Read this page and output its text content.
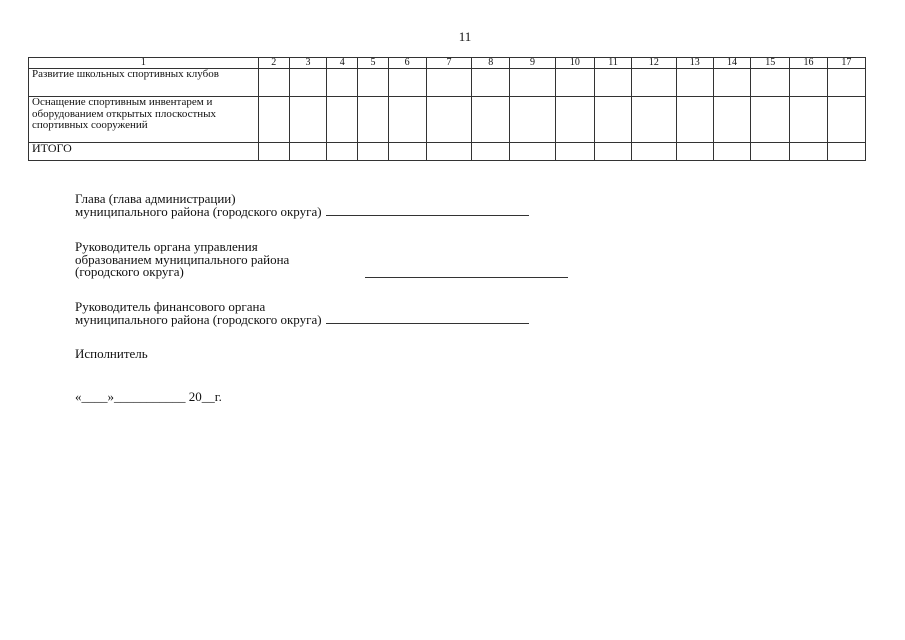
11
1	2	3	4	5	6	7	8	9	10	11	12	13	14	15	16	17
Развитие школьных спортивных клубов																
Оснащение спортивным инвентарем и оборудованием открытых плоскостных спортивных сооружений																
ИТОГО																
Глава (глава администрации)
муниципального района (городского округа)
Руководитель органа управления
образованием муниципального района
(городского округа)
Руководитель финансового органа
муниципального района (городского округа)
Исполнитель
«____»___________ 20__г.
